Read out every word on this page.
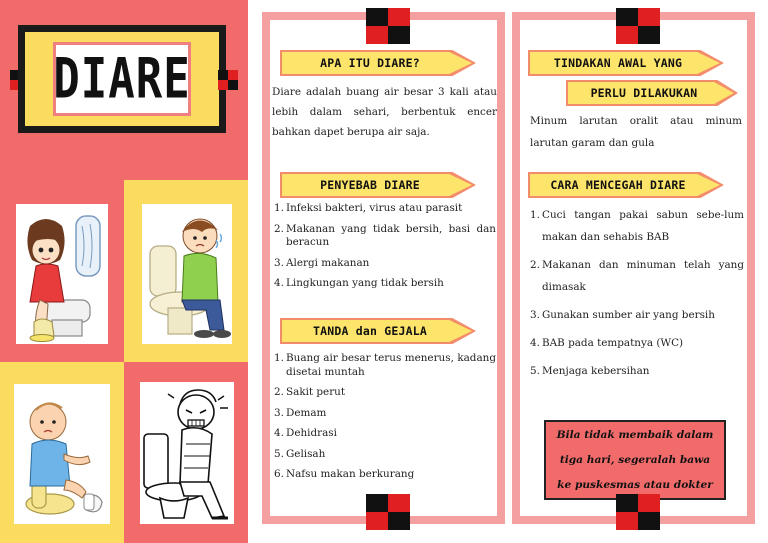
DIARE	APA ITU DIARE?

Diare adalah buang air besar 3 kali atau lebih dalam sehari, berbentuk encer bahkan dapet berupa air saja.

PENYEBAB DIARE
1. Infeksi bakteri, virus atau parasit
2. Makanan yang tidak bersih, basi dan beracun
3. Alergi makanan
4. Lingkungan yang tidak bersih
TANDA dan GEJALA
1. Buang air besar terus menerus, kadang disetai muntah
2. Sakit perut
3. Demam
4. Dehidrasi
5. Gelisah
6. Nafsu makan berkurang
TINDAKAN AWAL YANG
PERLU DILAKUKAN

Minum larutan oralit atau minum larutan garam dan gula

CARA MENCEGAH DIARE
1. Cuci tangan pakai sabun sebe-lum makan dan sehabis BAB
2. Makanan dan minuman telah yang dimasak
3. Gunakan sumber air yang bersih
4. BAB pada tempatnya (WC)
5. Menjaga kebersihan

Bila tidak membaik dalam tiga hari, segeralah bawa ke puskesmas atau dokter
